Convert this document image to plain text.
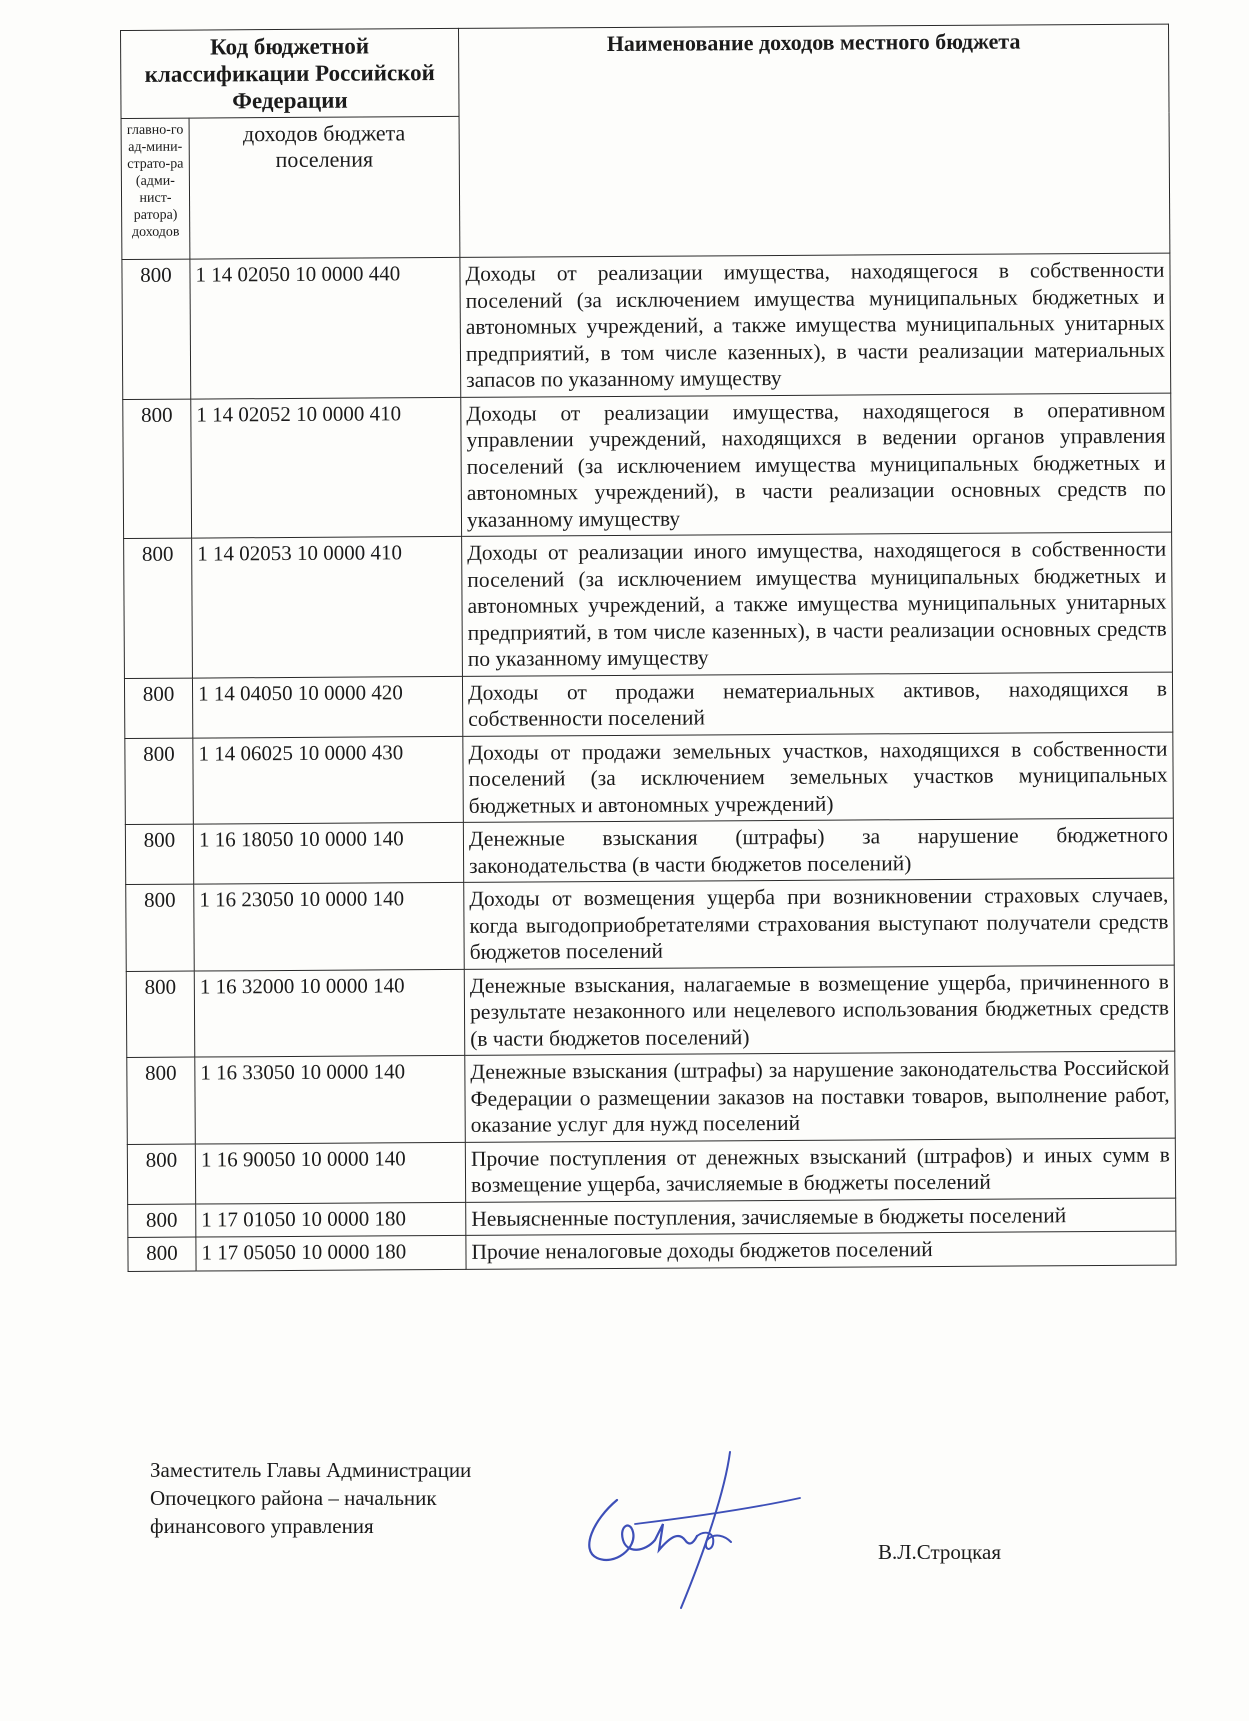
Код бюджетной классификации Российской Федерации		Наименование доходов местного бюджета
главно-го ад-мини-страто-ра (адми-нист-ратора) доходов	доходов бюджета поселения	
800	1 14 02050 10 0000 440	Доходы от реализации имущества, находящегося в собственности поселений (за исключением имущества муниципальных бюджетных и автономных учреждений, а также имущества муниципальных унитарных предприятий, в том числе казенных), в части реализации материальных запасов по указанному имуществу
800	1 14 02052 10 0000 410	Доходы от реализации имущества, находящегося в оперативном управлении учреждений, находящихся в ведении органов управления поселений (за исключением имущества муниципальных бюджетных и автономных учреждений), в части реализации основных средств по указанному имуществу
800	1 14 02053 10 0000 410	Доходы от реализации иного имущества, находящегося в собственности поселений (за исключением имущества муниципальных бюджетных и автономных учреждений, а также имущества муниципальных унитарных предприятий, в том числе казенных), в части реализации основных средств по указанному имуществу
800	1 14 04050 10 0000 420	Доходы от продажи нематериальных активов, находящихся в собственности поселений
800	1 14 06025 10 0000 430	Доходы от продажи земельных участков, находящихся в собственности поселений (за исключением земельных участков муниципальных бюджетных и автономных учреждений)
800	1 16 18050 10 0000 140	Денежные взыскания (штрафы) за нарушение бюджетного законодательства (в части бюджетов поселений)
800	1 16 23050 10 0000 140	Доходы от возмещения ущерба при возникновении страховых случаев, когда выгодоприобретателями страхования выступают получатели средств бюджетов поселений
800	1 16 32000 10 0000 140	Денежные взыскания, налагаемые в возмещение ущерба, причиненного в результате незаконного или нецелевого использования бюджетных средств (в части бюджетов поселений)
800	1 16 33050 10 0000 140	Денежные взыскания (штрафы) за нарушение законодательства Российской Федерации о размещении заказов на поставки товаров, выполнение работ, оказание услуг для нужд поселений
800	1 16 90050 10 0000 140	Прочие поступления от денежных взысканий (штрафов) и иных сумм в возмещение ущерба, зачисляемые в бюджеты поселений
800	1 17 01050 10 0000 180	Невыясненные поступления, зачисляемые в бюджеты поселений
800	1 17 05050 10 0000 180	Прочие неналоговые доходы бюджетов поселений
Заместитель Главы Администрации
Опочецкого района – начальник
финансового управления
В.Л.Строцкая
